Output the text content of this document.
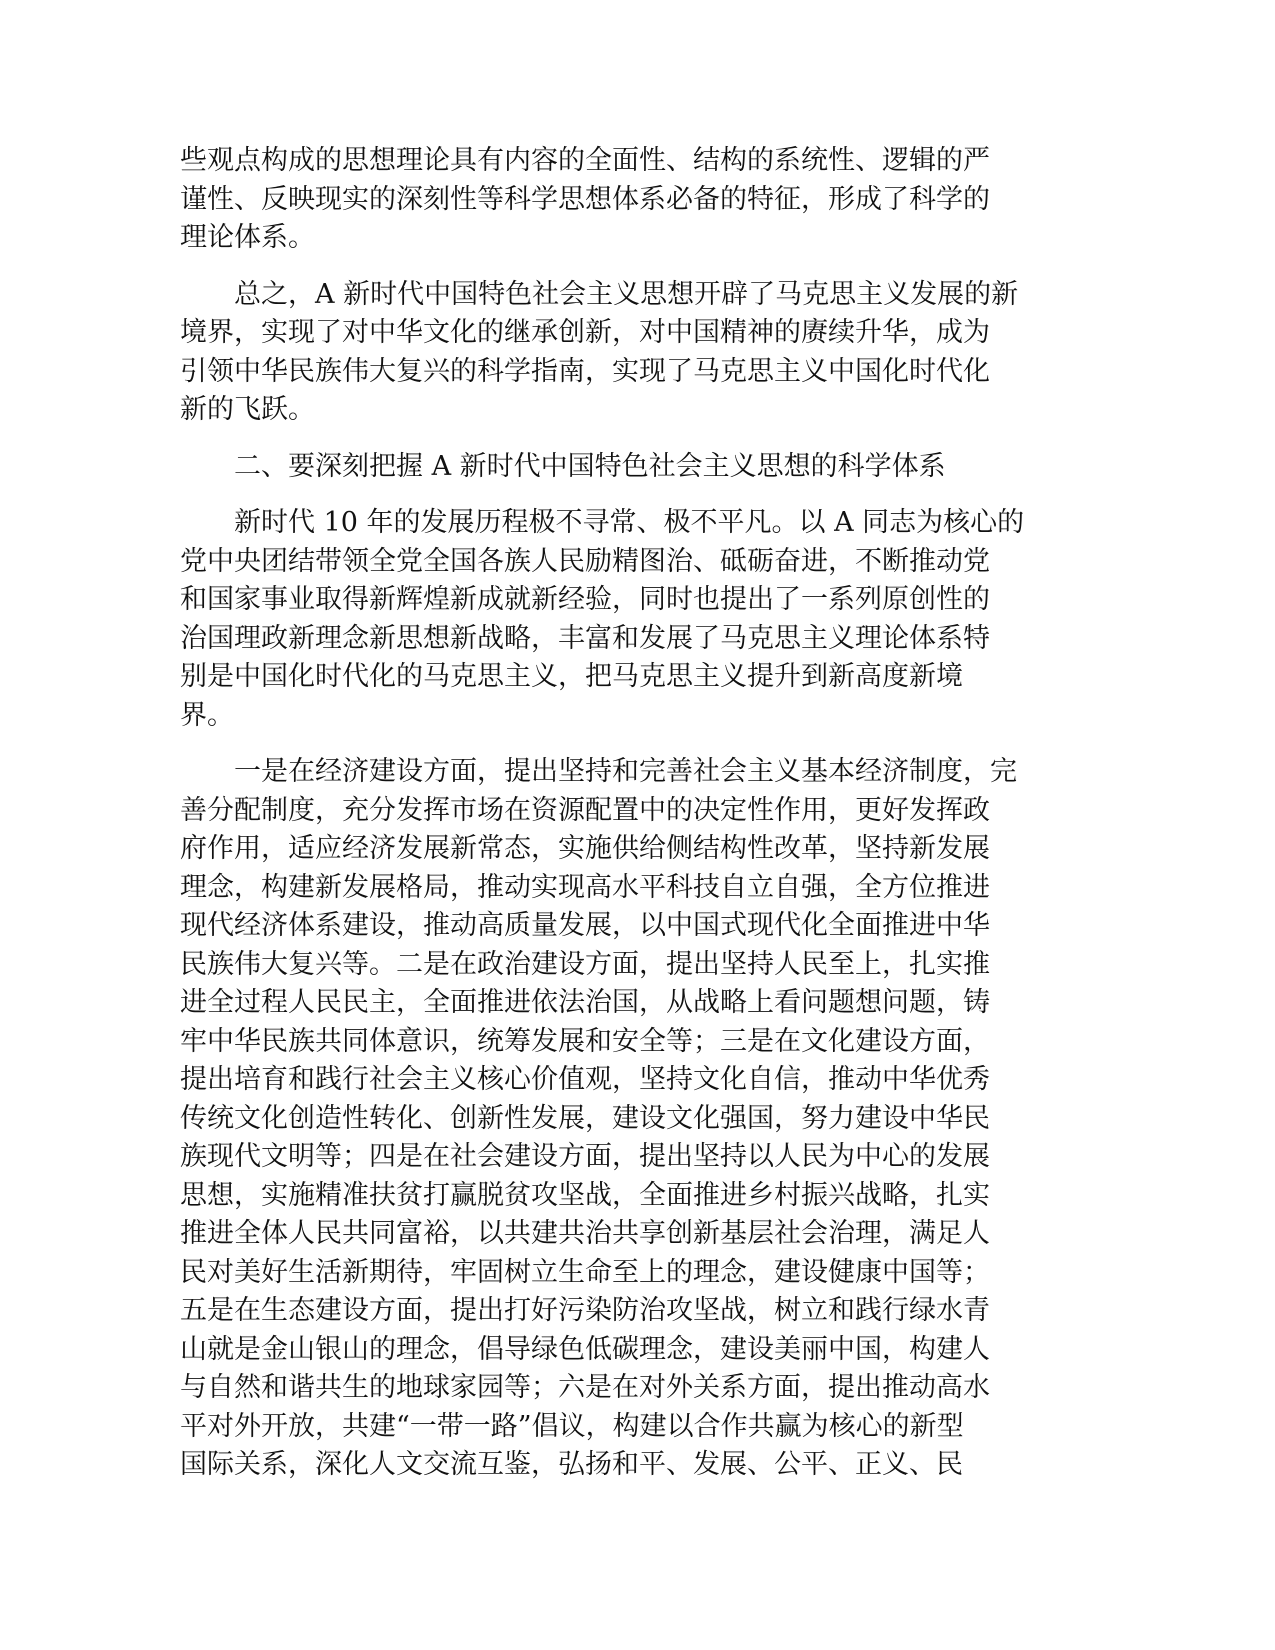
些观点构成的思想理论具有内容的全面性、结构的系统性、逻辑的严
谨性、反映现实的深刻性等科学思想体系必备的特征，形成了科学的
理论体系。
总之，A 新时代中国特色社会主义思想开辟了马克思主义发展的新
境界，实现了对中华文化的继承创新，对中国精神的赓续升华，成为
引领中华民族伟大复兴的科学指南，实现了马克思主义中国化时代化
新的飞跃。
二、要深刻把握 A 新时代中国特色社会主义思想的科学体系
新时代 10 年的发展历程极不寻常、极不平凡。以 A 同志为核心的
党中央团结带领全党全国各族人民励精图治、砥砺奋进，不断推动党
和国家事业取得新辉煌新成就新经验，同时也提出了一系列原创性的
治国理政新理念新思想新战略，丰富和发展了马克思主义理论体系特
别是中国化时代化的马克思主义，把马克思主义提升到新高度新境
界。
一是在经济建设方面，提出坚持和完善社会主义基本经济制度，完
善分配制度，充分发挥市场在资源配置中的决定性作用，更好发挥政
府作用，适应经济发展新常态，实施供给侧结构性改革，坚持新发展
理念，构建新发展格局，推动实现高水平科技自立自强，全方位推进
现代经济体系建设，推动高质量发展，以中国式现代化全面推进中华
民族伟大复兴等。二是在政治建设方面，提出坚持人民至上，扎实推
进全过程人民民主，全面推进依法治国，从战略上看问题想问题，铸
牢中华民族共同体意识，统筹发展和安全等；三是在文化建设方面，
提出培育和践行社会主义核心价值观，坚持文化自信，推动中华优秀
传统文化创造性转化、创新性发展，建设文化强国，努力建设中华民
族现代文明等；四是在社会建设方面，提出坚持以人民为中心的发展
思想，实施精准扶贫打赢脱贫攻坚战，全面推进乡村振兴战略，扎实
推进全体人民共同富裕，以共建共治共享创新基层社会治理，满足人
民对美好生活新期待，牢固树立生命至上的理念，建设健康中国等；
五是在生态建设方面，提出打好污染防治攻坚战，树立和践行绿水青
山就是金山银山的理念，倡导绿色低碳理念，建设美丽中国，构建人
与自然和谐共生的地球家园等；六是在对外关系方面，提出推动高水
平对外开放，共建“一带一路”倡议，构建以合作共赢为核心的新型
国际关系，深化人文交流互鉴，弘扬和平、发展、公平、正义、民
